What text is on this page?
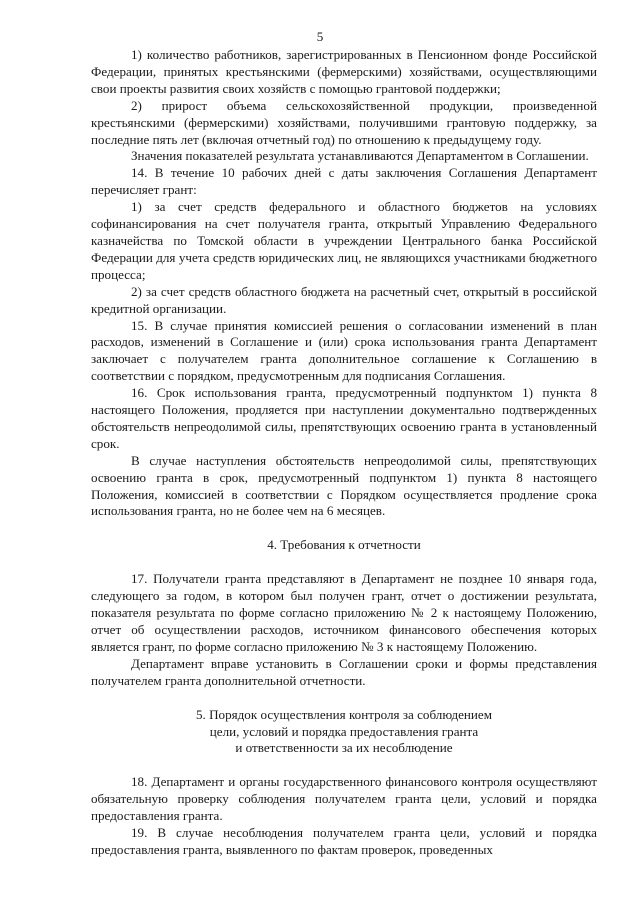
5

1) количество работников, зарегистрированных в Пенсионном фонде Российской Федерации, принятых крестьянскими (фермерскими) хозяйствами, осуществляющими свои проекты развития своих хозяйств с помощью грантовой поддержки;

2) прирост объема сельскохозяйственной продукции, произведенной крестьянскими (фермерскими) хозяйствами, получившими грантовую поддержку, за последние пять лет (включая отчетный год) по отношению к предыдущему году.

Значения показателей результата устанавливаются Департаментом в Соглашении.

14. В течение 10 рабочих дней с даты заключения Соглашения Департамент перечисляет грант:

1) за счет средств федерального и областного бюджетов на условиях софинансирования на счет получателя гранта, открытый Управлению Федерального казначейства по Томской области в учреждении Центрального банка Российской Федерации для учета средств юридических лиц, не являющихся участниками бюджетного процесса;

2) за счет средств областного бюджета на расчетный счет, открытый в российской кредитной организации.

15. В случае принятия комиссией решения о согласовании изменений в план расходов, изменений в Соглашение и (или) срока использования гранта Департамент заключает с получателем гранта дополнительное соглашение к Соглашению в соответствии с порядком, предусмотренным для подписания Соглашения.

16. Срок использования гранта, предусмотренный подпунктом 1) пункта 8 настоящего Положения, продляется при наступлении документально подтвержденных обстоятельств непреодолимой силы, препятствующих освоению гранта в установленный срок.

В случае наступления обстоятельств непреодолимой силы, препятствующих освоению гранта в срок, предусмотренный подпунктом 1) пункта 8 настоящего Положения, комиссией в соответствии с Порядком осуществляется продление срока использования гранта, но не более чем на 6 месяцев.

4. Требования к отчетности

17. Получатели гранта представляют в Департамент не позднее 10 января года, следующего за годом, в котором был получен грант, отчет о достижении результата, показателя результата по форме согласно приложению № 2 к настоящему Положению, отчет об осуществлении расходов, источником финансового обеспечения которых является грант, по форме согласно приложению № 3 к настоящему Положению.

Департамент вправе установить в Соглашении сроки и формы представления получателем гранта дополнительной отчетности.

5. Порядок осуществления контроля за соблюдением

цели, условий и порядка предоставления гранта

и ответственности за их несоблюдение

18. Департамент и органы государственного финансового контроля осуществляют обязательную проверку соблюдения получателем гранта цели, условий и порядка предоставления гранта.

19. В случае несоблюдения получателем гранта цели, условий и порядка предоставления гранта, выявленного по фактам проверок, проведенных
